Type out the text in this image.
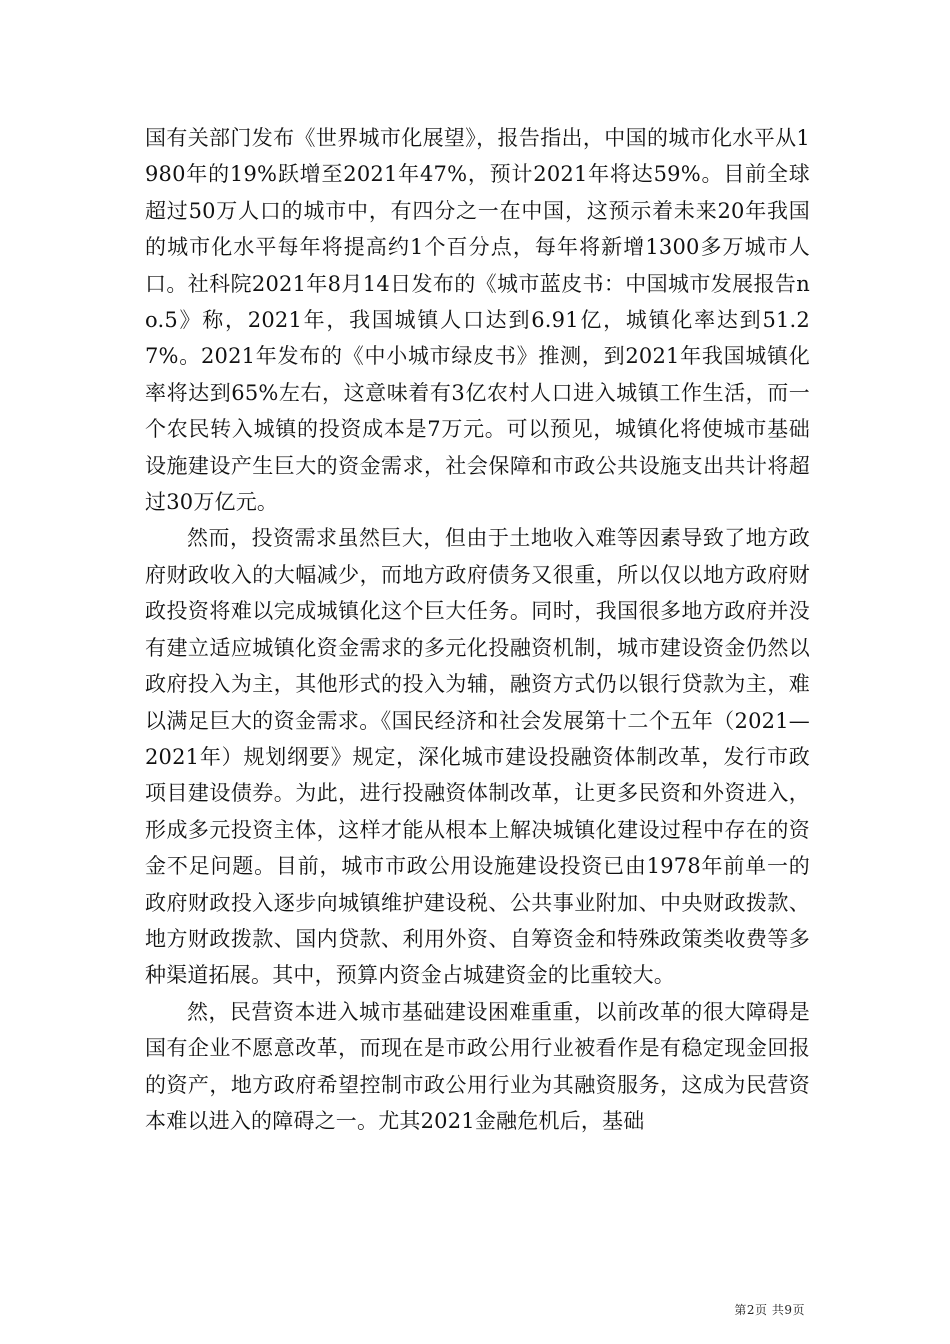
国有关部门发布《世界城市化展望》，报告指出，中国的城市化水平从1980年的19%跃增至2021年47%，预计2021年将达59%。目前全球超过50万人口的城市中，有四分之一在中国，这预示着未来20年我国的城市化水平每年将提高约1个百分点，每年将新增1300多万城市人口。社科院2021年8月14日发布的《城市蓝皮书：中国城市发展报告no.5》称，2021年，我国城镇人口达到6.91亿，城镇化率达到51.27%。2021年发布的《中小城市绿皮书》推测，到2021年我国城镇化率将达到65%左右，这意味着有3亿农村人口进入城镇工作生活，而一个农民转入城镇的投资成本是7万元。可以预见，城镇化将使城市基础设施建设产生巨大的资金需求，社会保障和市政公共设施支出共计将超过30万亿元。

然而，投资需求虽然巨大，但由于土地收入难等因素导致了地方政府财政收入的大幅减少，而地方政府债务又很重，所以仅以地方政府财政投资将难以完成城镇化这个巨大任务。同时，我国很多地方政府并没有建立适应城镇化资金需求的多元化投融资机制，城市建设资金仍然以政府投入为主，其他形式的投入为辅，融资方式仍以银行贷款为主，难以满足巨大的资金需求。《国民经济和社会发展第十二个五年（2021—2021年）规划纲要》规定，深化城市建设投融资体制改革，发行市政项目建设债券。为此，进行投融资体制改革，让更多民资和外资进入，形成多元投资主体，这样才能从根本上解决城镇化建设过程中存在的资金不足问题。目前，城市市政公用设施建设投资已由1978年前单一的政府财政投入逐步向城镇维护建设税、公共事业附加、中央财政拨款、地方财政拨款、国内贷款、利用外资、自筹资金和特殊政策类收费等多种渠道拓展。其中，预算内资金占城建资金的比重较大。

然，民营资本进入城市基础建设困难重重，以前改革的很大障碍是国有企业不愿意改革，而现在是市政公用行业被看作是有稳定现金回报的资产，地方政府希望控制市政公用行业为其融资服务，这成为民营资本难以进入的障碍之一。尤其2021金融危机后，基础

第2页 共9页
